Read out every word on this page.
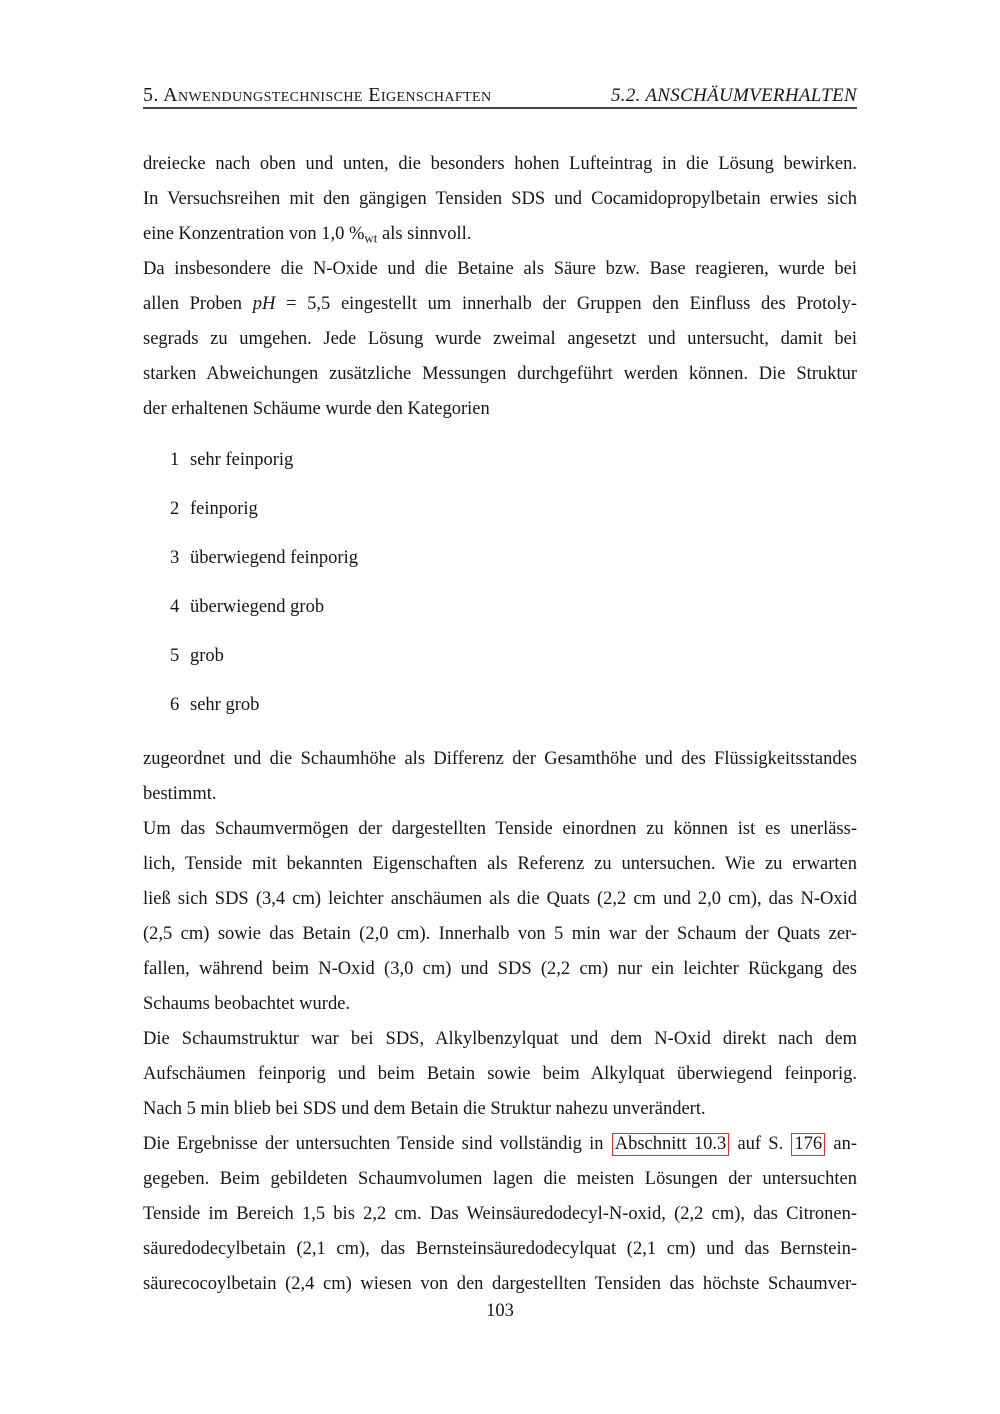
5. Anwendungstechnische Eigenschaften	5.2. ANSCHÄUMVERHALTEN
dreiecke nach oben und unten, die besonders hohen Lufteintrag in die Lösung bewirken.
In Versuchsreihen mit den gängigen Tensiden SDS und Cocamidopropylbetain erwies sich
eine Konzentration von 1,0 %wt als sinnvoll.
Da insbesondere die N-Oxide und die Betaine als Säure bzw. Base reagieren, wurde bei
allen Proben pH = 5,5 eingestellt um innerhalb der Gruppen den Einfluss des Protoly-
segrads zu umgehen. Jede Lösung wurde zweimal angesetzt und untersucht, damit bei
starken Abweichungen zusätzliche Messungen durchgeführt werden können. Die Struktur
der erhaltenen Schäume wurde den Kategorien
1 sehr feinporig
2 feinporig
3 überwiegend feinporig
4 überwiegend grob
5 grob
6 sehr grob
zugeordnet und die Schaumhöhe als Differenz der Gesamthöhe und des Flüssigkeitsstandes
bestimmt.
Um das Schaumvermögen der dargestellten Tenside einordnen zu können ist es unerläss-
lich, Tenside mit bekannten Eigenschaften als Referenz zu untersuchen. Wie zu erwarten
ließ sich SDS (3,4 cm) leichter anschäumen als die Quats (2,2 cm und 2,0 cm), das N-Oxid
(2,5 cm) sowie das Betain (2,0 cm). Innerhalb von 5 min war der Schaum der Quats zer-
fallen, während beim N-Oxid (3,0 cm) und SDS (2,2 cm) nur ein leichter Rückgang des
Schaums beobachtet wurde.
Die Schaumstruktur war bei SDS, Alkylbenzylquat und dem N-Oxid direkt nach dem
Aufschäumen feinporig und beim Betain sowie beim Alkylquat überwiegend feinporig.
Nach 5 min blieb bei SDS und dem Betain die Struktur nahezu unverändert.
Die Ergebnisse der untersuchten Tenside sind vollständig in Abschnitt 10.3 auf S. 176 an-
gegeben. Beim gebildeten Schaumvolumen lagen die meisten Lösungen der untersuchten
Tenside im Bereich 1,5 bis 2,2 cm. Das Weinsäuredodecyl-N-oxid, (2,2 cm), das Citronen-
säuredodecylbetain (2,1 cm), das Bernsteinsäuredodecylquat (2,1 cm) und das Bernstein-
säurecocoylbetain (2,4 cm) wiesen von den dargestellten Tensiden das höchste Schaumver-
103
